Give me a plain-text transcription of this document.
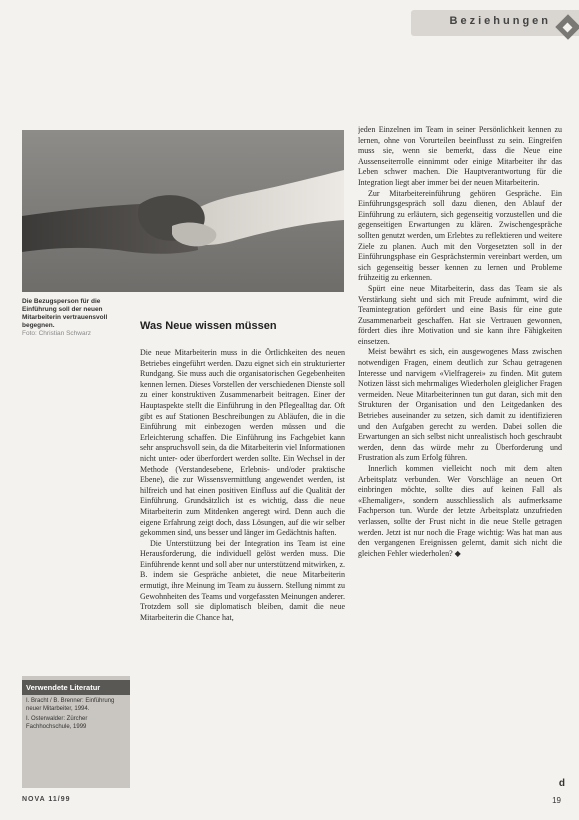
Beziehungen
Die Bezugsperson für die Einführung soll der neuen Mitarbeiterin vertrauensvoll begegnen.
Foto: Christian Schwarz
Was Neue wissen müssen

Die neue Mitarbeiterin muss in die Örtlichkeiten des neuen Betriebes eingeführt werden. Dazu eignet sich ein strukturierter Rundgang. Sie muss auch die organisatorischen Gegebenheiten kennen lernen. Dieses Vorstellen der verschiedenen Dienste soll zu einer konstruktiven Zusammenarbeit beitragen. Einer der Hauptaspekte stellt die Einführung in den Pflegealltag dar. Oft gibt es auf Stationen Beschreibungen zu Abläufen, die in die Einführung mit einbezogen werden müssen und die Erleichterung schaffen. Die Einführung ins Fachgebiet kann sehr anspruchsvoll sein, da die Mitarbeiterin viel Informationen nicht unter- oder überfordert werden sollte. Ein Wechsel in der Methode (Verstandesebene, Erlebnis- und/oder praktische Ebene), die zur Wissensvermittlung angewendet werden, ist hilfreich und hat einen positiven Einfluss auf die Qualität der Einführung. Grundsätzlich ist es wichtig, dass die neue Mitarbeiterin zum Mitdenken angeregt wird. Denn auch die eigene Erfahrung zeigt doch, dass Lösungen, auf die wir selber gekommen sind, uns besser und länger im Gedächtnis haften.

Die Unterstützung bei der Integration ins Team ist eine Herausforderung, die individuell gelöst werden muss. Die Einführende kennt und soll aber nur unterstützend mitwirken, z. B. indem sie Gespräche anbietet, die neue Mitarbeiterin ermutigt, ihre Meinung im Team zu äussern. Stellung nimmt zu Gewohnheiten des Teams und vorgefassten Meinungen anderer. Trotzdem soll sie diplomatisch bleiben, damit die neue Mitarbeiterin die Chance hat,

jeden Einzelnen im Team in seiner Persönlichkeit kennen zu lernen, ohne von Vorurteilen beeinflusst zu sein. Eingreifen muss sie, wenn sie bemerkt, dass die Neue eine Aussenseiterrolle einnimmt oder einige Mitarbeiter ihr das Leben schwer machen. Die Hauptverantwortung für die Integration liegt aber immer bei der neuen Mitarbeiterin.

Zur Mitarbeitereinführung gehören Gespräche. Ein Einführungsgespräch soll dazu dienen, den Ablauf der Einführung zu erläutern, sich gegenseitig vorzustellen und die gegenseitigen Erwartungen zu klären. Zwischengespräche sollten genutzt werden, um Erlebtes zu reflektieren und weitere Ziele zu planen. Auch mit den Vorgesetzten soll in der Einführungsphase ein Gesprächstermin vereinbart werden, um sich gegenseitig besser kennen zu lernen und Probleme frühzeitig zu erkennen.

Spürt eine neue Mitarbeiterin, dass das Team sie als Verstärkung sieht und sich mit Freude aufnimmt, wird die Teamintegration gefördert und eine Basis für eine gute Zusammenarbeit geschaffen. Hat sie Vertrauen gewonnen, fördert dies ihre Motivation und sie kann ihre Fähigkeiten einsetzen.

Meist bewährt es sich, ein ausgewogenes Mass zwischen notwendigen Fragen, einem deutlich zur Schau getragenen Interesse und narvigem «Vielfragerei» zu finden. Mit gutem Notizen lässt sich mehrmaliges Wiederholen gleiglicher Fragen vermeiden. Neue Mitarbeiterinnen tun gut daran, sich mit den Strukturen der Organisation und den Leitgedanken des Betriebes auseinander zu setzen, sich damit zu identifizieren und den Aufgaben gerecht zu werden. Dabei sollen die Erwartungen an sich selbst nicht unrealistisch hoch geschraubt werden, denn das würde mehr zu Überforderung und Frustration als zum Erfolg führen.

Innerlich kommen vielleicht noch mit dem alten Arbeitsplatz verbunden. Wer Vorschläge an neuen Ort einbringen möchte, sollte dies auf keinen Fall als «Ehemaliger», sondern ausschliesslich als aufmerksame Fachperson tun. Wurde der letzte Arbeitsplatz unzufrieden verlassen, sollte der Frust nicht in die neue Stelle getragen werden. Jetzt ist nur noch die Frage wichtig: Was hat man aus den vergangenen Ereignissen gelernt, damit sich nicht die gleichen Fehler wiederholen? ◆

Verwendete Literatur
I. Bracht / B. Brenner: Einführung neuer Mitarbeiter, 1994.
I. Osterwalder: Zürcher Fachhochschule, 1999
NOVA 11/99
d
19
